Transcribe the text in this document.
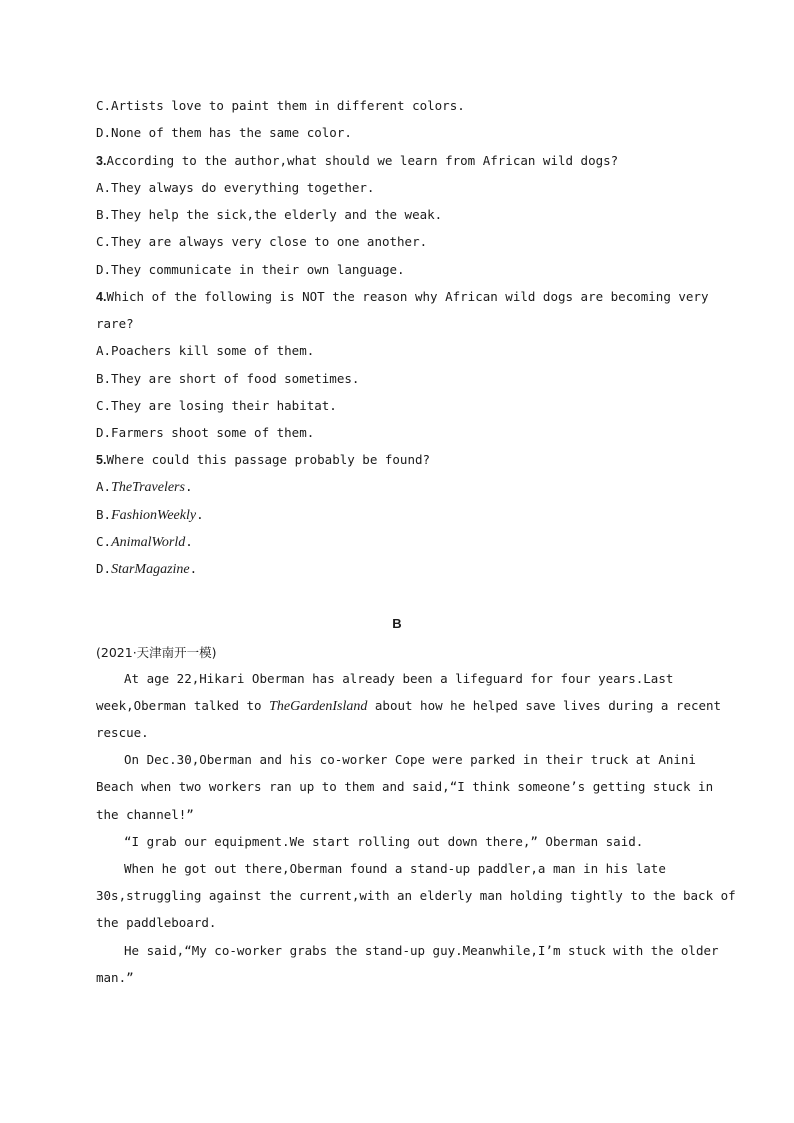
C.Artists love to paint them in different colors.
D.None of them has the same color.
3.According to the author,what should we learn from African wild dogs?
A.They always do everything together.
B.They help the sick,the elderly and the weak.
C.They are always very close to one another.
D.They communicate in their own language.
4.Which of the following is NOT the reason why African wild dogs are becoming very
rare?
A.Poachers kill some of them.
B.They are short of food sometimes.
C.They are losing their habitat.
D.Farmers shoot some of them.
5.Where could this passage probably be found?
A.TheTravelers.
B.FashionWeekly.
C.AnimalWorld.
D.StarMagazine.
B
(2021·天津南开一模)
At age 22,Hikari Oberman has already been a lifeguard for four years.Last
week,Oberman talked to TheGardenIsland about how he helped save lives during a recent
rescue.
On Dec.30,Oberman and his co-worker Cope were parked in their truck at Anini
Beach when two workers ran up to them and said,“I think someone’s getting stuck in
the channel!”
“I grab our equipment.We start rolling out down there,” Oberman said.
When he got out there,Oberman found a stand-up paddler,a man in his late
30s,struggling against the current,with an elderly man holding tightly to the back of
the paddleboard.
He said,“My co-worker grabs the stand-up guy.Meanwhile,I’m stuck with the older
man.”
